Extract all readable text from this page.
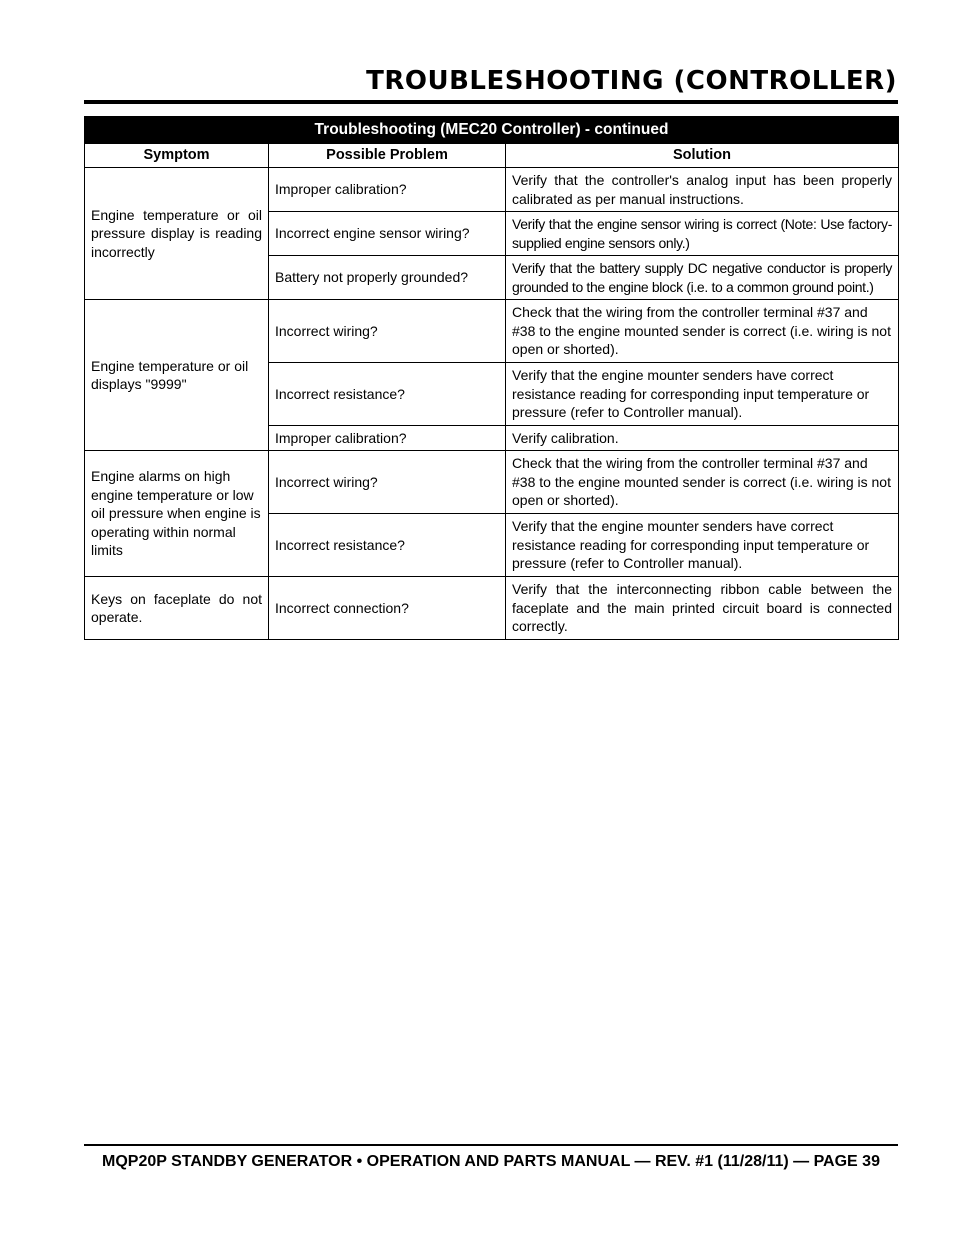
TROUBLESHOOTING (CONTROLLER)
Troubleshooting (MEC20 Controller) - continued		
Symptom	Possible Problem	Solution
Engine temperature or oil pressure display is reading incorrectly	Improper calibration?	Verify that the controller's analog input has been properly calibrated as per manual instructions.
	Incorrect engine sensor wiring?	Verify that the engine sensor wiring is correct (Note: Use factory-supplied engine sensors only.)
	Battery not properly grounded?	Verify that the battery supply DC negative conductor is properly grounded to the engine block (i.e. to a common ground point.)
Engine temperature or oil displays "9999"	Incorrect wiring?	Check that the wiring from the controller terminal #37 and #38 to the engine mounted sender is correct (i.e. wiring is not open or shorted).
	Incorrect resistance?	Verify that the engine mounter senders have correct resistance reading for corresponding input temperature or pressure (refer to Controller manual).
	Improper calibration?	Verify calibration.
Engine alarms on high engine temperature or low oil pressure when engine is operating within normal limits	Incorrect wiring?	Check that the wiring from the controller terminal #37 and #38 to the engine mounted sender is correct (i.e. wiring is not open or shorted).
	Incorrect resistance?	Verify that the engine mounter senders have correct resistance reading for corresponding input temperature or pressure (refer to Controller manual).
Keys on faceplate do not operate.	Incorrect connection?	Verify that the interconnecting ribbon cable between the faceplate and the main printed circuit board is connected correctly.
MQP20P STANDBY GENERATOR • OPERATION AND PARTS MANUAL — REV. #1 (11/28/11) — PAGE 39
